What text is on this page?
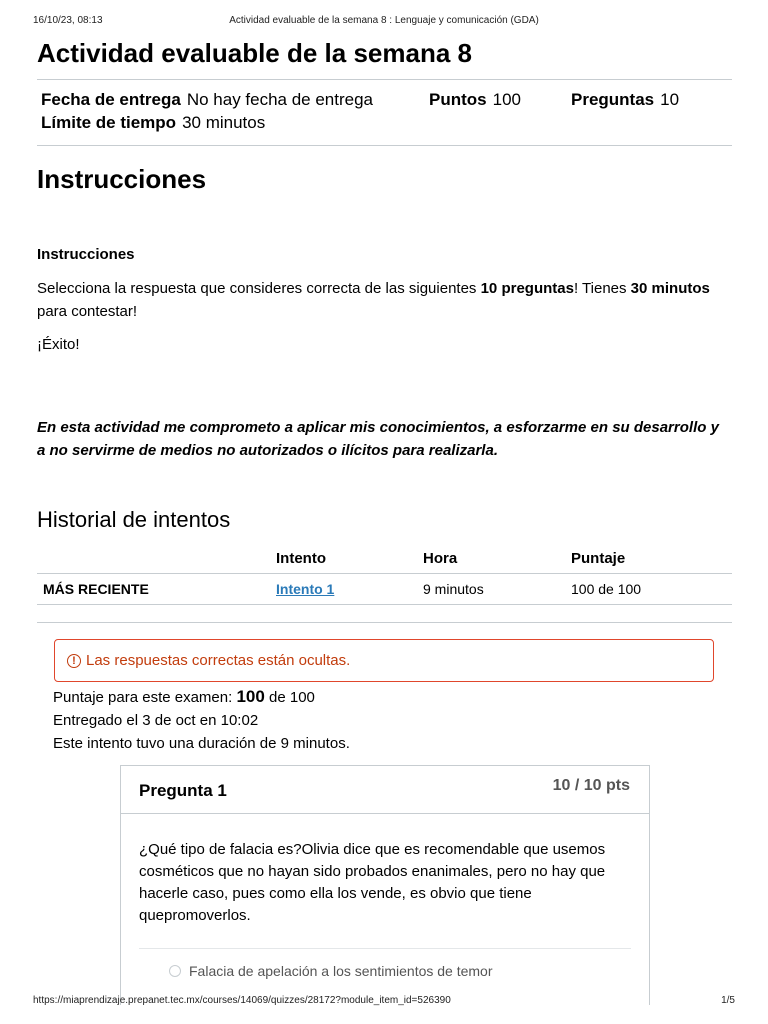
16/10/23, 08:13	Actividad evaluable de la semana 8 : Lenguaje y comunicación (GDA)
Actividad evaluable de la semana 8
Fecha de entrega No hay fecha de entrega	Puntos 100	Preguntas 10
Límite de tiempo 30 minutos
Instrucciones
Instrucciones
Selecciona la respuesta que consideres correcta de las siguientes 10 preguntas! Tienes 30 minutos para contestar!
¡Éxito!
En esta actividad me comprometo a aplicar mis conocimientos, a esforzarme en su desarrollo y a no servirme de medios no autorizados o ilícitos para realizarla.
Historial de intentos
	Intento	Hora	Puntaje
MÁS RECIENTE	Intento 1	9 minutos	100 de 100
! Las respuestas correctas están ocultas.
Puntaje para este examen: 100 de 100
Entregado el 3 de oct en 10:02
Este intento tuvo una duración de 9 minutos.
Pregunta 1	10 / 10 pts
¿Qué tipo de falacia es?Olivia dice que es recomendable que usemos cosméticos que no hayan sido probados enanimales, pero no hay que hacerle caso, pues como ella los vende, es obvio que tiene quepromoverlos.
Falacia de apelación a los sentimientos de temor
https://miaprendizaje.prepanet.tec.mx/courses/14069/quizzes/28172?module_item_id=526390	1/5
